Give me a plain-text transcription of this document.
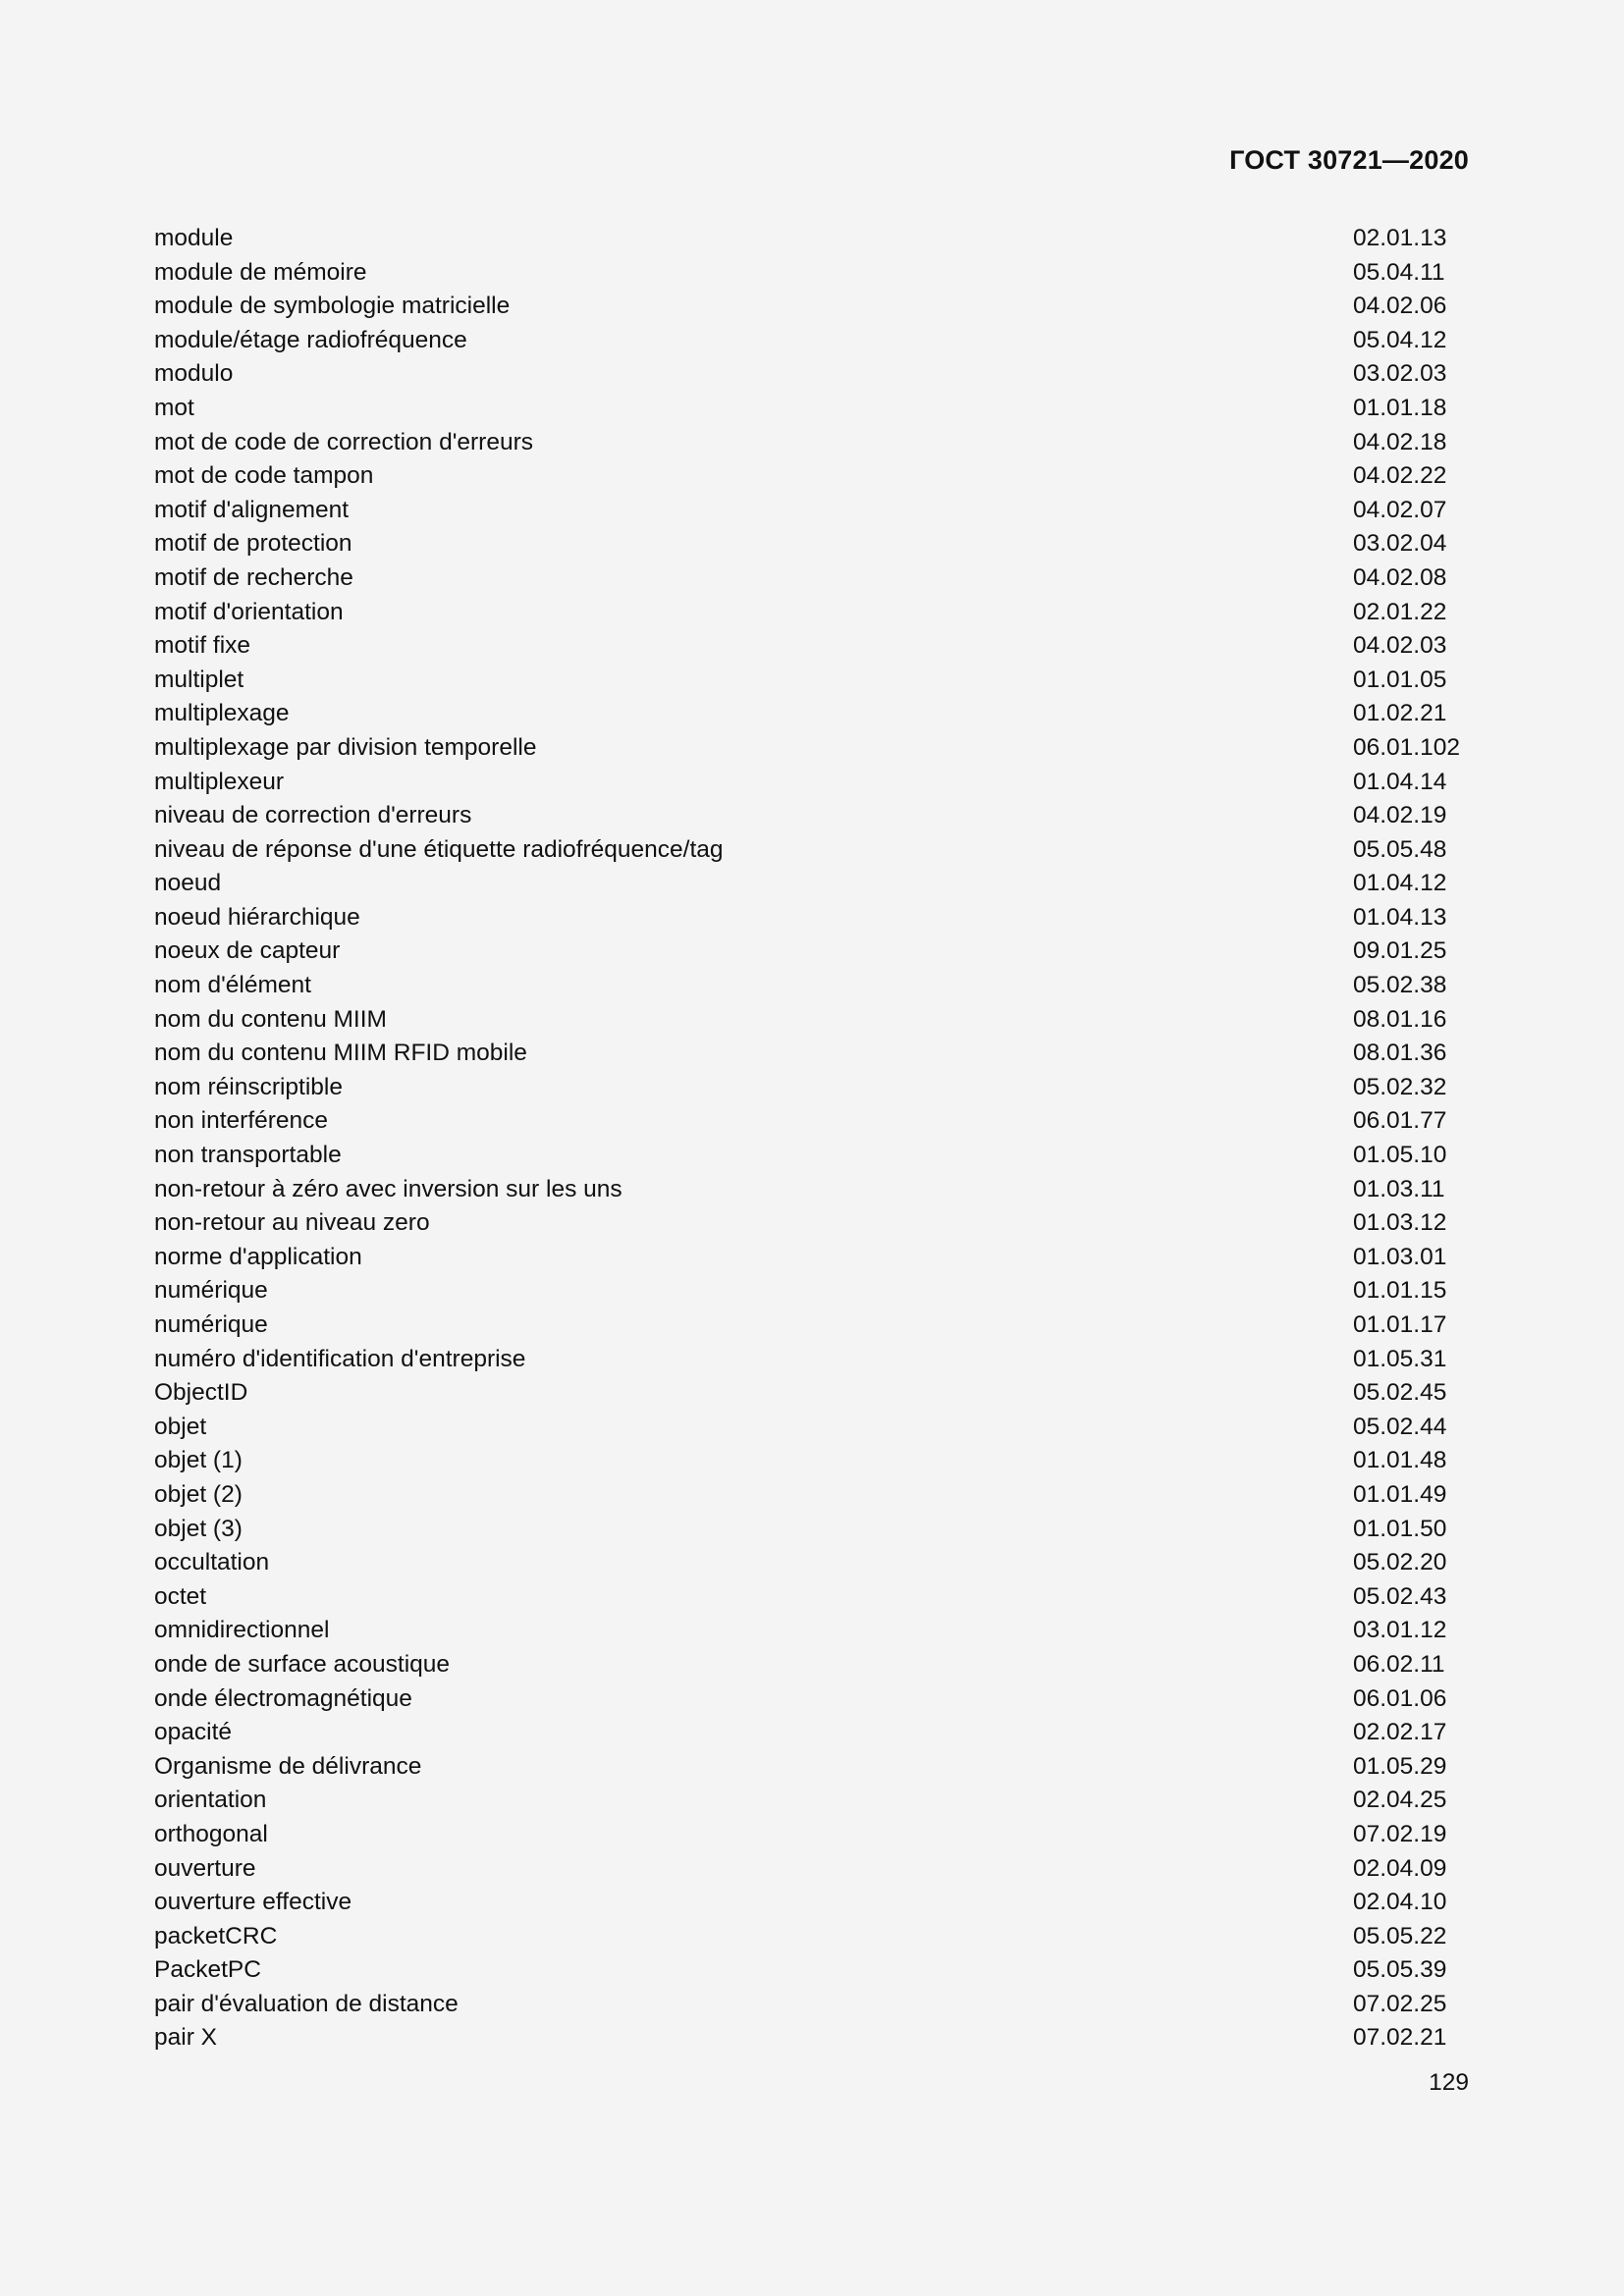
ГОСТ 30721—2020
module	02.01.13
module de mémoire	05.04.11
module de symbologie matricielle	04.02.06
module/étage radiofréquence	05.04.12
modulo	03.02.03
mot	01.01.18
mot de code de correction d'erreurs	04.02.18
mot de code tampon	04.02.22
motif d'alignement	04.02.07
motif de protection	03.02.04
motif de recherche	04.02.08
motif d'orientation	02.01.22
motif fixe	04.02.03
multiplet	01.01.05
multiplexage	01.02.21
multiplexage par division temporelle	06.01.102
multiplexeur	01.04.14
niveau de correction d'erreurs	04.02.19
niveau de réponse d'une étiquette radiofréquence/tag	05.05.48
noeud	01.04.12
noeud hiérarchique	01.04.13
noeux de capteur	09.01.25
nom d'élément	05.02.38
nom du contenu MIIM	08.01.16
nom du contenu MIIM RFID mobile	08.01.36
nom réinscriptible	05.02.32
non interférence	06.01.77
non transportable	01.05.10
non-retour à zéro avec inversion sur les uns	01.03.11
non-retour au niveau zero	01.03.12
norme d'application	01.03.01
numérique	01.01.15
numérique	01.01.17
numéro d'identification d'entreprise	01.05.31
ObjectID	05.02.45
objet	05.02.44
objet (1)	01.01.48
objet (2)	01.01.49
objet (3)	01.01.50
occultation	05.02.20
octet	05.02.43
omnidirectionnel	03.01.12
onde de surface acoustique	06.02.11
onde électromagnétique	06.01.06
opacité	02.02.17
Organisme de délivrance	01.05.29
orientation	02.04.25
orthogonal	07.02.19
ouverture	02.04.09
ouverture effective	02.04.10
packetCRC	05.05.22
PacketPC	05.05.39
pair d'évaluation de distance	07.02.25
pair X	07.02.21
129
